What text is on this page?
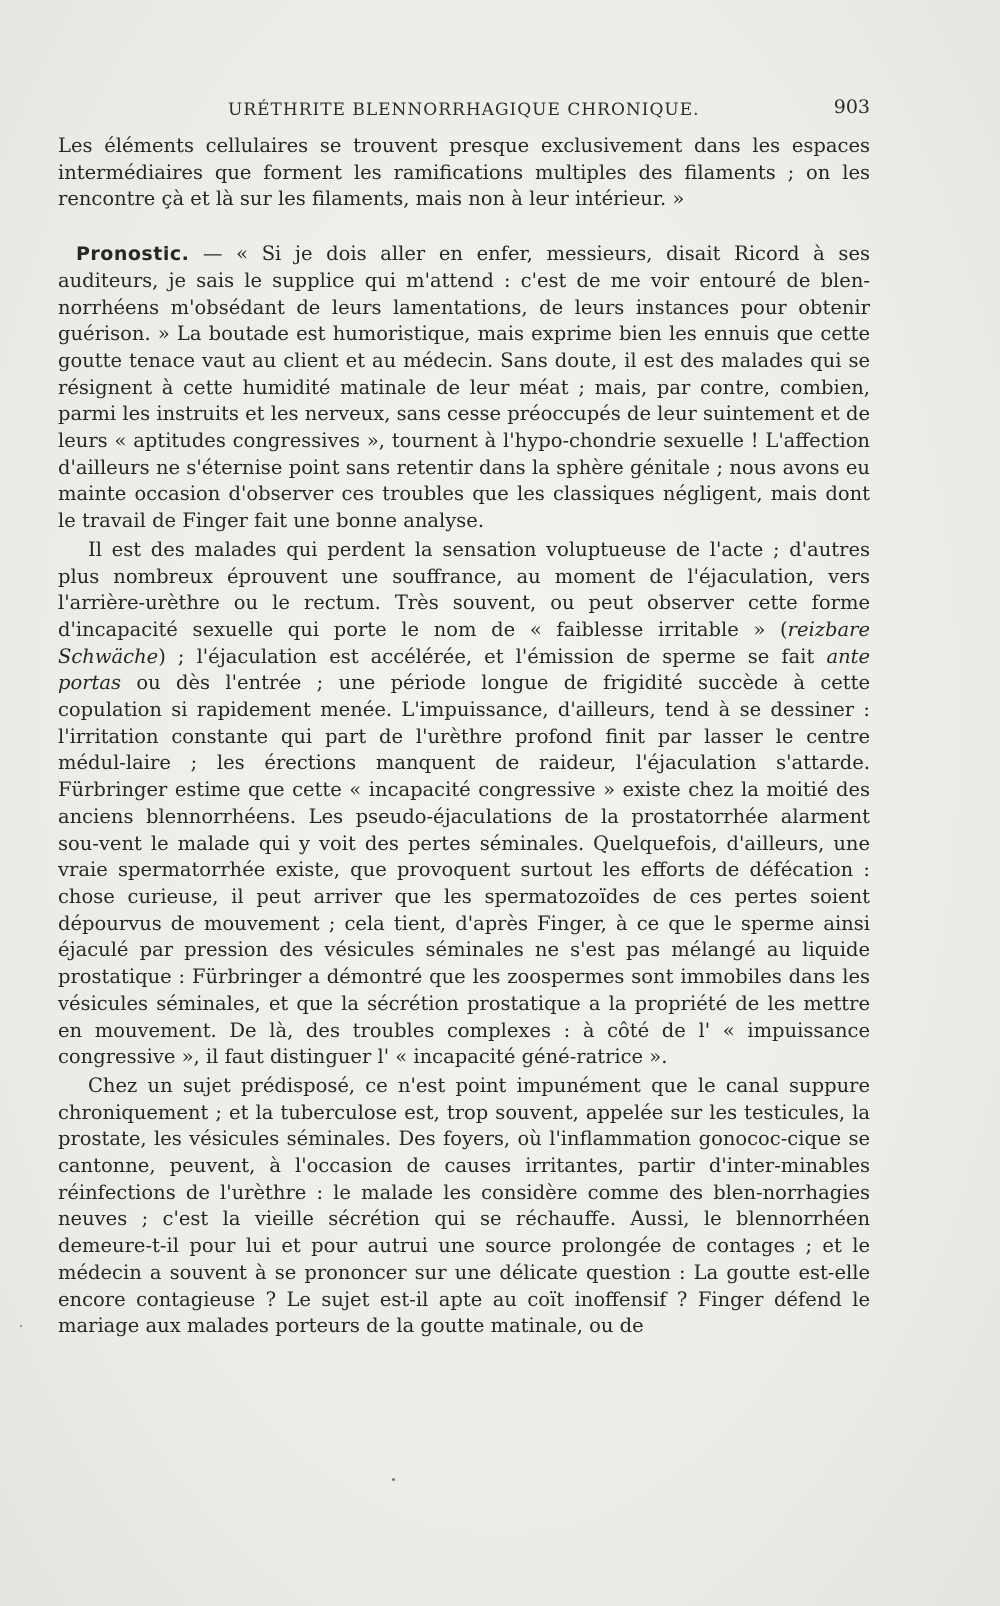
URÉTHRITE BLENNORRHAGIQUE CHRONIQUE.	903

Les éléments cellulaires se trouvent presque exclusivement dans les espaces intermédiaires que forment les ramifications multiples des filaments ; on les rencontre çà et là sur les filaments, mais non à leur intérieur. »

Pronostic. — « Si je dois aller en enfer, messieurs, disait Ricord à ses auditeurs, je sais le supplice qui m'attend : c'est de me voir entouré de blen-norrhéens m'obsédant de leurs lamentations, de leurs instances pour obtenir guérison. » La boutade est humoristique, mais exprime bien les ennuis que cette goutte tenace vaut au client et au médecin. Sans doute, il est des malades qui se résignent à cette humidité matinale de leur méat ; mais, par contre, combien, parmi les instruits et les nerveux, sans cesse préoccupés de leur suintement et de leurs « aptitudes congressives », tournent à l'hypo-chondrie sexuelle ! L'affection d'ailleurs ne s'éternise point sans retentir dans la sphère génitale ; nous avons eu mainte occasion d'observer ces troubles que les classiques négligent, mais dont le travail de Finger fait une bonne analyse.

Il est des malades qui perdent la sensation voluptueuse de l'acte ; d'autres plus nombreux éprouvent une souffrance, au moment de l'éjaculation, vers l'arrière-urèthre ou le rectum. Très souvent, ou peut observer cette forme d'incapacité sexuelle qui porte le nom de « faiblesse irritable » (reizbare Schwäche) ; l'éjaculation est accélérée, et l'émission de sperme se fait ante portas ou dès l'entrée ; une période longue de frigidité succède à cette copulation si rapidement menée. L'impuissance, d'ailleurs, tend à se dessiner : l'irritation constante qui part de l'urèthre profond finit par lasser le centre médul-laire ; les érections manquent de raideur, l'éjaculation s'attarde. Fürbringer estime que cette « incapacité congressive » existe chez la moitié des anciens blennorrhéens. Les pseudo-éjaculations de la prostatorrhée alarment sou-vent le malade qui y voit des pertes séminales. Quelquefois, d'ailleurs, une vraie spermatorrhée existe, que provoquent surtout les efforts de défécation : chose curieuse, il peut arriver que les spermatozoïdes de ces pertes soient dépourvus de mouvement ; cela tient, d'après Finger, à ce que le sperme ainsi éjaculé par pression des vésicules séminales ne s'est pas mélangé au liquide prostatique : Fürbringer a démontré que les zoospermes sont immobiles dans les vésicules séminales, et que la sécrétion prostatique a la propriété de les mettre en mouvement. De là, des troubles complexes : à côté de l' « impuissance congressive », il faut distinguer l' « incapacité géné-ratrice ».

Chez un sujet prédisposé, ce n'est point impunément que le canal suppure chroniquement ; et la tuberculose est, trop souvent, appelée sur les testicules, la prostate, les vésicules séminales. Des foyers, où l'inflammation gonococ-cique se cantonne, peuvent, à l'occasion de causes irritantes, partir d'inter-minables réinfections de l'urèthre : le malade les considère comme des blen-norrhagies neuves ; c'est la vieille sécrétion qui se réchauffe. Aussi, le blennorrhéen demeure-t-il pour lui et pour autrui une source prolongée de contages ; et le médecin a souvent à se prononcer sur une délicate question : La goutte est-elle encore contagieuse ? Le sujet est-il apte au coït inoffensif ? Finger défend le mariage aux malades porteurs de la goutte matinale, ou de
